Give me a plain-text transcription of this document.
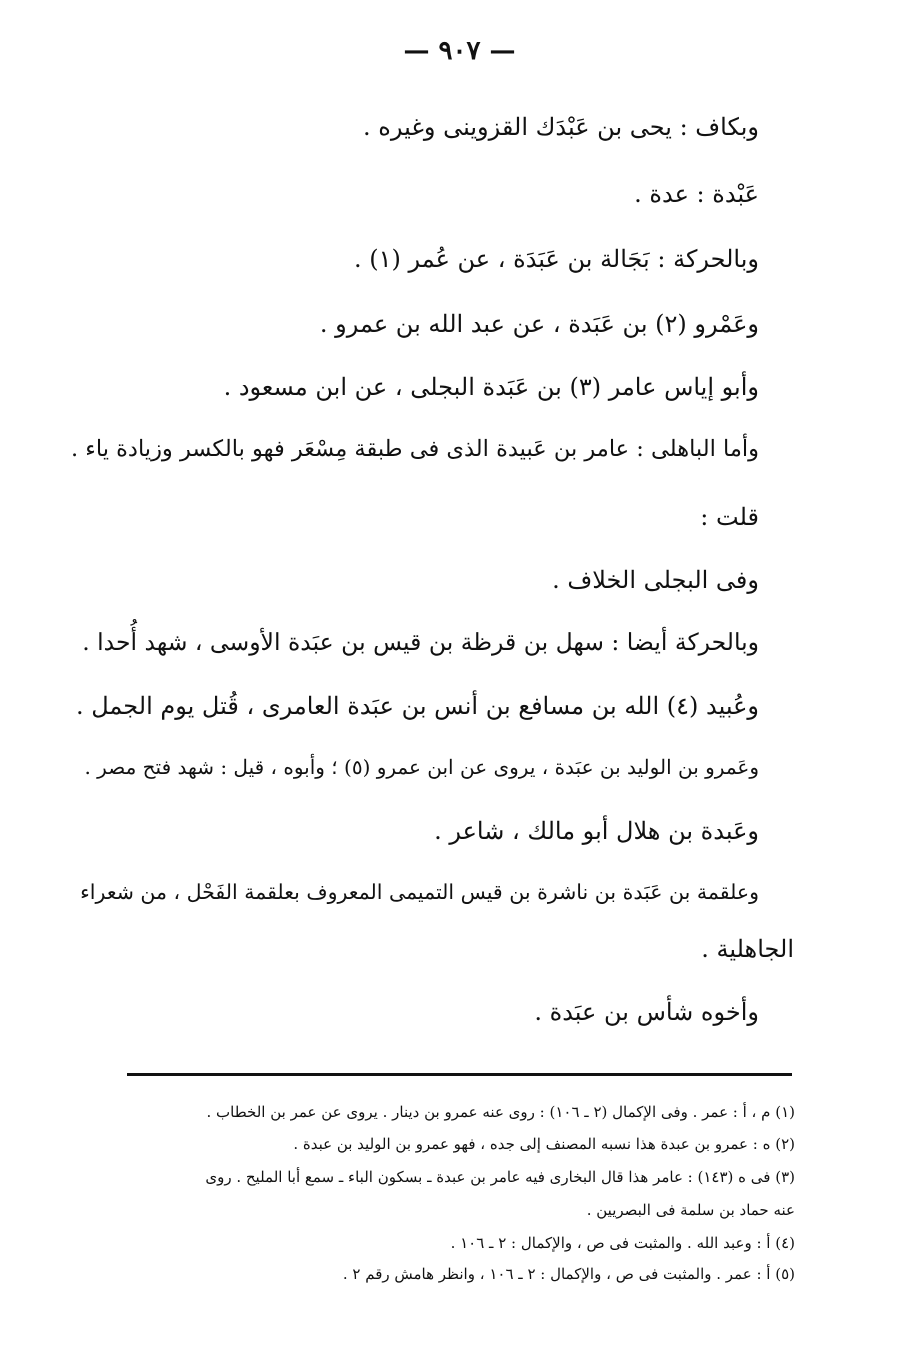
— ٩٠٧ —
وبكاف : يحى بن عَبْدَك القزوينى وغيره .
عَبْدة : عدة .
وبالحركة : بَجَالة بن عَبَدَة ، عن عُمر (١) .
وعَمْرو (٢) بن عَبَدة ، عن عبد الله بن عمرو .
وأبو إياس عامر (٣) بن عَبَدة البجلى ، عن ابن مسعود .
وأما الباهلى : عامر بن عَبيدة الذى فى طبقة مِسْعَر فهو بالكسر وزيادة ياء .
قلت :
وفى البجلى الخلاف .
وبالحركة أيضا : سهل بن قرظة بن قيس بن عبَدة الأوسى ، شهد أُحدا .
وعُبيد (٤) الله بن مسافع بن أنس بن عبَدة العامرى ، قُتل يوم الجمل .
وعَمرو بن الوليد بن عبَدة ، يروى عن ابن عمرو (٥) ؛ وأبوه ، قيل : شهد فتح مصر .
وعَبدة بن هلال أبو مالك ، شاعر .
وعلقمة بن عَبَدة بن ناشرة بن قيس التميمى المعروف بعلقمة الفَحْل ، من شعراء
الجاهلية .
وأخوه شأس بن عبَدة .
(١) م ، أ : عمر . وفى الإكمال (٢ ـ ١٠٦) : روى عنه عمرو بن دينار . يروى عن عمر بن الخطاب .
(٢) ه : عمرو بن عبدة هذا نسبه المصنف إلى جده ، فهو عمرو بن الوليد بن عبدة .
(٣) فى ه (١٤٣) : عامر هذا قال البخارى فيه عامر بن عبدة ـ بسكون الباء ـ سمع أبا المليح . روى
عنه حماد بن سلمة فى البصريين .
(٤) أ : وعبد الله . والمثبت فى ص ، والإكمال : ٢ ـ ١٠٦ .
(٥) أ : عمر . والمثبت فى ص ، والإكمال : ٢ ـ ١٠٦ ، وانظر هامش رقم ٢ .
